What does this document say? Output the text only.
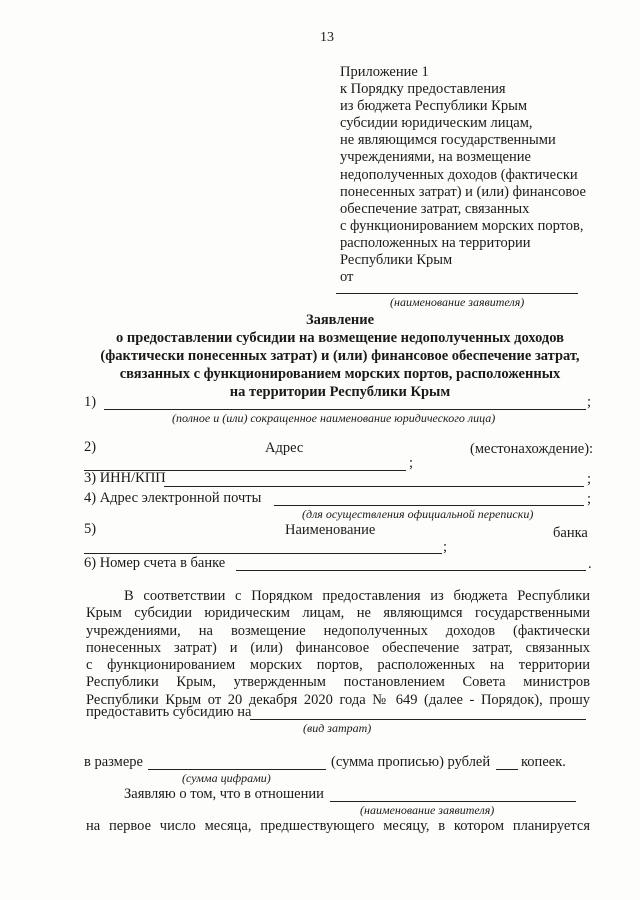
13
Приложение 1
к Порядку предоставления
из бюджета Республики Крым
субсидии юридическим лицам,
не являющимся государственными
учреждениями, на возмещение
недополученных доходов (фактически
понесенных затрат) и (или) финансовое
обеспечение затрат, связанных
с функционированием морских портов,
расположенных на территории
Республики Крым
от
(наименование заявителя)
Заявление
о предоставлении субсидии на возмещение недополученных доходов
(фактически понесенных затрат) и (или) финансовое обеспечение затрат,
связанных с функционированием морских портов, расположенных
на территории Республики Крым
1)	;
(полное и (или) сокращенное наименование юридического лица)
2)	Адрес	(местонахождение):
;
3) ИНН/КПП	;
4) Адрес электронной почты	;
(для осуществления официальной переписки)
5)	Наименование	банка
;
6) Номер счета в банке	.
В соответствии с Порядком предоставления из бюджета Республики
Крым субсидии юридическим лицам, не являющимся государственными
учреждениями, на возмещение недополученных доходов (фактически
понесенных затрат) и (или) финансовое обеспечение затрат, связанных
с функционированием морских портов, расположенных на территории
Республики Крым, утвержденным постановлением Совета министров
Республики Крым от 20 декабря 2020 года № 649 (далее - Порядок), прошу
предоставить субсидию на
(вид затрат)
в размере	(сумма прописью) рублей копеек.
(сумма цифрами)
Заявляю о том, что в отношении
(наименование заявителя)
на первое число месяца, предшествующего месяцу, в котором планируется
